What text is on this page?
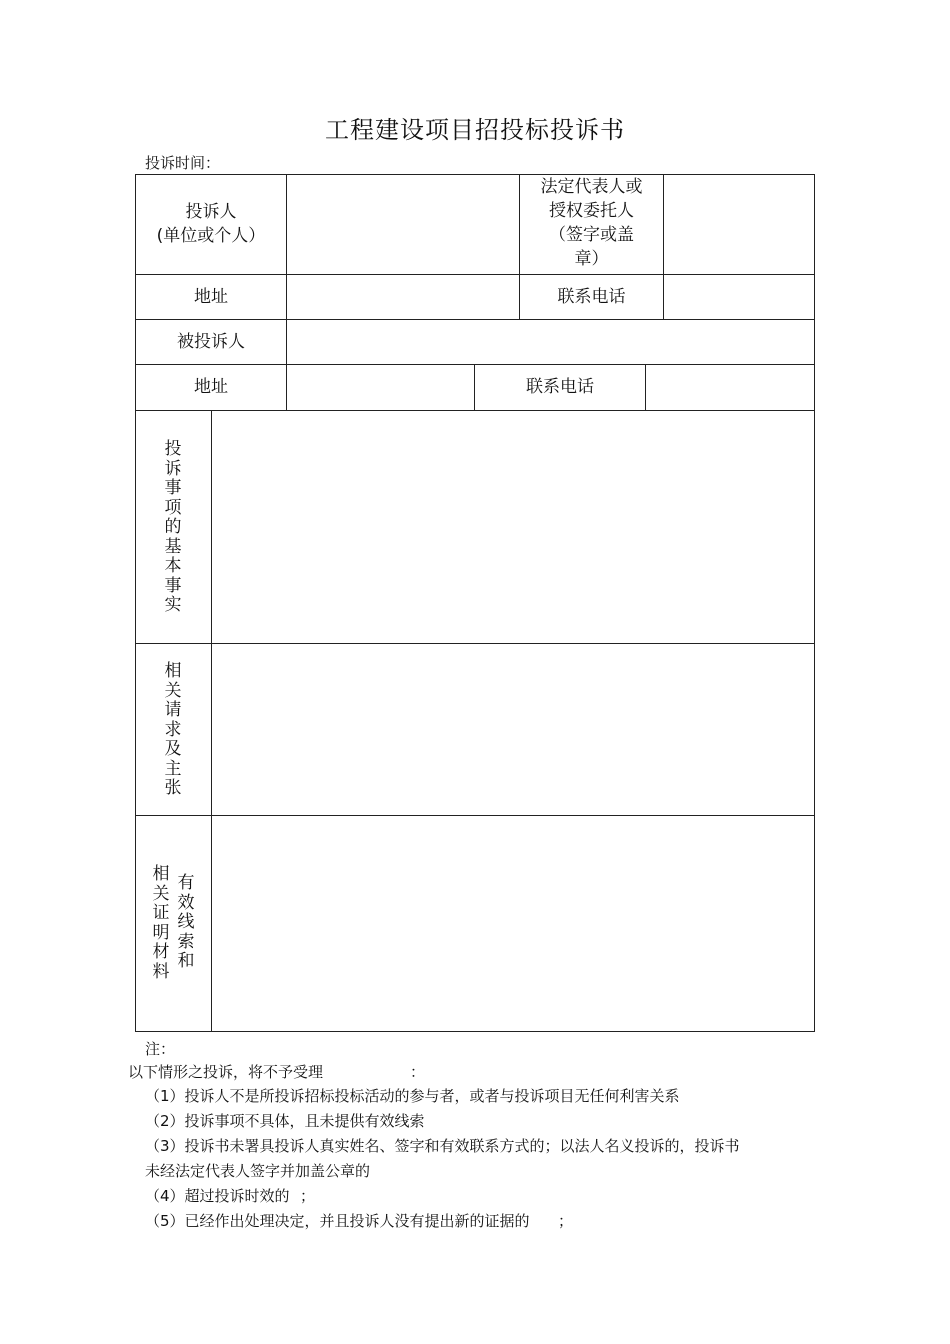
工程建设项目招投标投诉书
投诉时间：
投诉人
(单位或个人）
法定代表人或
授权委托人
（签字或盖
章）
地址	联系电话
被投诉人
地址	联系电话
投诉事项的基本事实
相关请求及主张
有效线索和
相关证明材料
注：
以下情形之投诉，将不予受理	：
（1）投诉人不是所投诉招标投标活动的参与者，或者与投诉项目无任何利害关系
（2）投诉事项不具体，且未提供有效线索
（3）投诉书未署具投诉人真实姓名、签字和有效联系方式的；以法人名义投诉的，投诉书
未经法定代表人签字并加盖公章的
（4）超过投诉时效的 ；
（5）已经作出处理决定，并且投诉人没有提出新的证据的 ；
